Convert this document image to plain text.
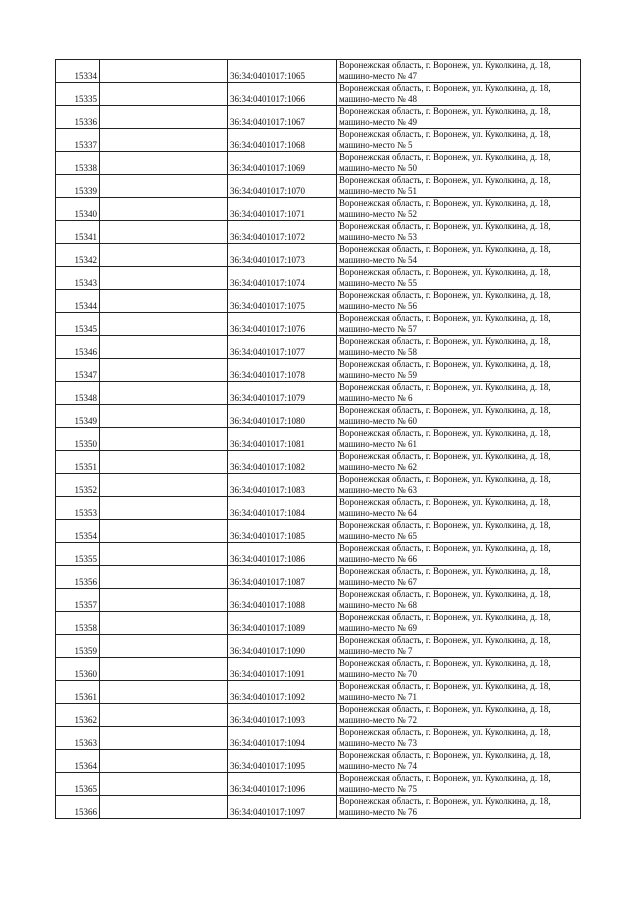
15334		36:34:0401017:1065	Воронежская область, г. Воронеж, ул. Куколкина, д. 18, машино-место № 47

15335		36:34:0401017:1066	Воронежская область, г. Воронеж, ул. Куколкина, д. 18, машино-место № 48

15336		36:34:0401017:1067	Воронежская область, г. Воронеж, ул. Куколкина, д. 18, машино-место № 49

15337		36:34:0401017:1068	Воронежская область, г. Воронеж, ул. Куколкина, д. 18, машино-место № 5

15338		36:34:0401017:1069	Воронежская область, г. Воронеж, ул. Куколкина, д. 18, машино-место № 50

15339		36:34:0401017:1070	Воронежская область, г. Воронеж, ул. Куколкина, д. 18, машино-место № 51

15340		36:34:0401017:1071	Воронежская область, г. Воронеж, ул. Куколкина, д. 18, машино-место № 52

15341		36:34:0401017:1072	Воронежская область, г. Воронеж, ул. Куколкина, д. 18, машино-место № 53

15342		36:34:0401017:1073	Воронежская область, г. Воронеж, ул. Куколкина, д. 18, машино-место № 54

15343		36:34:0401017:1074	Воронежская область, г. Воронеж, ул. Куколкина, д. 18, машино-место № 55

15344		36:34:0401017:1075	Воронежская область, г. Воронеж, ул. Куколкина, д. 18, машино-место № 56

15345		36:34:0401017:1076	Воронежская область, г. Воронеж, ул. Куколкина, д. 18, машино-место № 57

15346		36:34:0401017:1077	Воронежская область, г. Воронеж, ул. Куколкина, д. 18, машино-место № 58

15347		36:34:0401017:1078	Воронежская область, г. Воронеж, ул. Куколкина, д. 18, машино-место № 59

15348		36:34:0401017:1079	Воронежская область, г. Воронеж, ул. Куколкина, д. 18, машино-место № 6

15349		36:34:0401017:1080	Воронежская область, г. Воронеж, ул. Куколкина, д. 18, машино-место № 60

15350		36:34:0401017:1081	Воронежская область, г. Воронеж, ул. Куколкина, д. 18, машино-место № 61

15351		36:34:0401017:1082	Воронежская область, г. Воронеж, ул. Куколкина, д. 18, машино-место № 62

15352		36:34:0401017:1083	Воронежская область, г. Воронеж, ул. Куколкина, д. 18, машино-место № 63

15353		36:34:0401017:1084	Воронежская область, г. Воронеж, ул. Куколкина, д. 18, машино-место № 64

15354		36:34:0401017:1085	Воронежская область, г. Воронеж, ул. Куколкина, д. 18, машино-место № 65

15355		36:34:0401017:1086	Воронежская область, г. Воронеж, ул. Куколкина, д. 18, машино-место № 66

15356		36:34:0401017:1087	Воронежская область, г. Воронеж, ул. Куколкина, д. 18, машино-место № 67

15357		36:34:0401017:1088	Воронежская область, г. Воронеж, ул. Куколкина, д. 18, машино-место № 68

15358		36:34:0401017:1089	Воронежская область, г. Воронеж, ул. Куколкина, д. 18, машино-место № 69

15359		36:34:0401017:1090	Воронежская область, г. Воронеж, ул. Куколкина, д. 18, машино-место № 7

15360		36:34:0401017:1091	Воронежская область, г. Воронеж, ул. Куколкина, д. 18, машино-место № 70

15361		36:34:0401017:1092	Воронежская область, г. Воронеж, ул. Куколкина, д. 18, машино-место № 71

15362		36:34:0401017:1093	Воронежская область, г. Воронеж, ул. Куколкина, д. 18, машино-место № 72

15363		36:34:0401017:1094	Воронежская область, г. Воронеж, ул. Куколкина, д. 18, машино-место № 73

15364		36:34:0401017:1095	Воронежская область, г. Воронеж, ул. Куколкина, д. 18, машино-место № 74

15365		36:34:0401017:1096	Воронежская область, г. Воронеж, ул. Куколкина, д. 18, машино-место № 75

15366		36:34:0401017:1097	Воронежская область, г. Воронеж, ул. Куколкина, д. 18, машино-место № 76
